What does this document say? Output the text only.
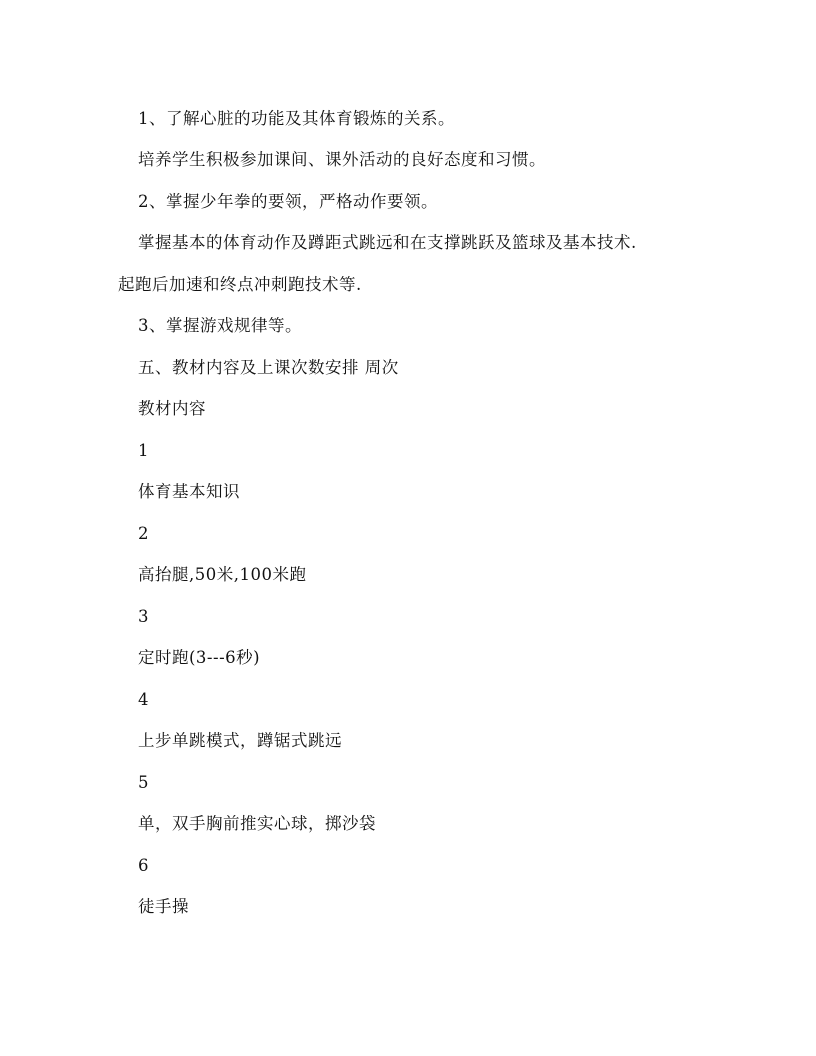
1、了解心脏的功能及其体育锻炼的关系。
培养学生积极参加课间、课外活动的良好态度和习惯。
2、掌握少年拳的要领，严格动作要领。
掌握基本的体育动作及蹲距式跳远和在支撑跳跃及篮球及基本技术.
起跑后加速和终点冲刺跑技术等.
3、掌握游戏规律等。
五、教材内容及上课次数安排 周次
教材内容
1
体育基本知识
2
高抬腿,50米,100米跑
3
定时跑(3---6秒)
4
上步单跳模式，蹲锯式跳远
5
单，双手胸前推实心球，掷沙袋
6
徒手操
